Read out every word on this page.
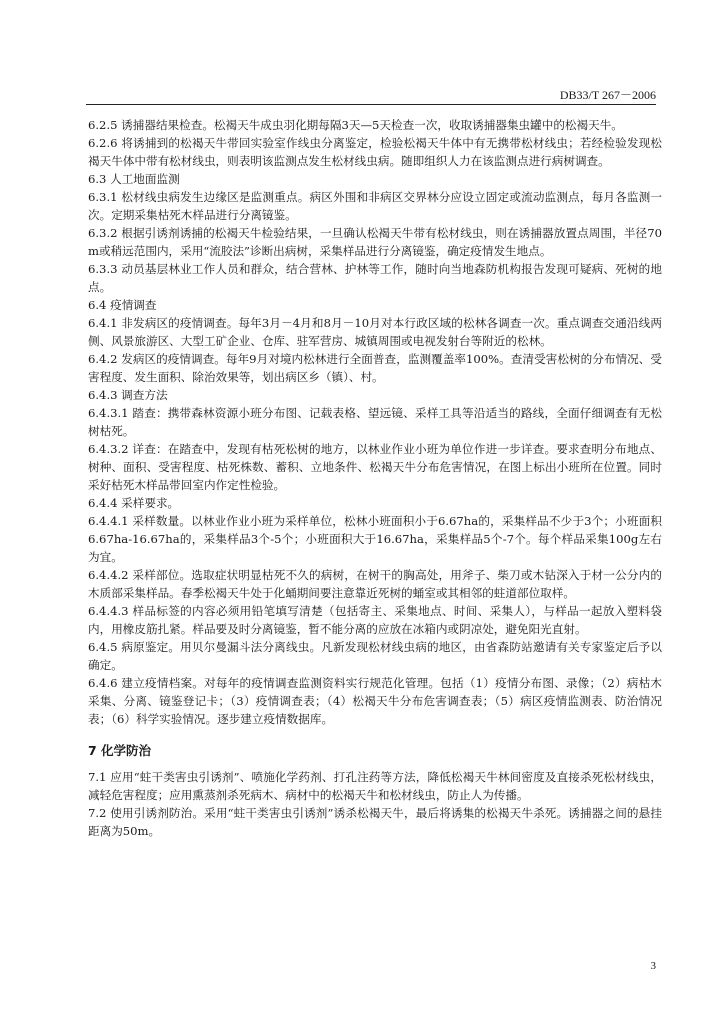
DB33/T 267－2006

6.2.5 诱捕器结果检查。松褐天牛成虫羽化期每隔3天—5天检查一次，收取诱捕器集虫罐中的松褐天牛。

6.2.6 将诱捕到的松褐天牛带回实验室作线虫分离鉴定，检验松褐天牛体中有无携带松材线虫；若经检验发现松褐天牛体中带有松材线虫，则表明该监测点发生松材线虫病。随即组织人力在该监测点进行病树调查。

6.3 人工地面监测

6.3.1 松材线虫病发生边缘区是监测重点。病区外围和非病区交界林分应设立固定或流动监测点，每月各监测一次。定期采集枯死木样品进行分离镜鉴。

6.3.2 根据引诱剂诱捕的松褐天牛检验结果，一旦确认松褐天牛带有松材线虫，则在诱捕器放置点周围，半径70m或稍远范围内，采用“流胶法”诊断出病树，采集样品进行分离镜鉴，确定疫情发生地点。

6.3.3 动员基层林业工作人员和群众，结合营林、护林等工作，随时向当地森防机构报告发现可疑病、死树的地点。

6.4 疫情调查

6.4.1 非发病区的疫情调查。每年3月－4月和8月－10月对本行政区域的松林各调查一次。重点调查交通沿线两侧、风景旅游区、大型工矿企业、仓库、驻军营房、城镇周围或电视发射台等附近的松林。

6.4.2 发病区的疫情调查。每年9月对境内松林进行全面普查，监测覆盖率100%。查清受害松树的分布情况、受害程度、发生面积、除治效果等，划出病区乡（镇）、村。

6.4.3 调查方法

6.4.3.1 踏查：携带森林资源小班分布图、记载表格、望远镜、采样工具等沿适当的路线，全面仔细调查有无松树枯死。

6.4.3.2 详查：在踏查中，发现有枯死松树的地方，以林业作业小班为单位作进一步详查。要求查明分布地点、树种、面积、受害程度、枯死株数、蓄积、立地条件、松褐天牛分布危害情况，在图上标出小班所在位置。同时采好枯死木样品带回室内作定性检验。

6.4.4 采样要求。

6.4.4.1 采样数量。以林业作业小班为采样单位，松林小班面积小于6.67ha的，采集样品不少于3个；小班面积6.67ha-16.67ha的，采集样品3个-5个；小班面积大于16.67ha，采集样品5个-7个。每个样品采集100g左右为宜。

6.4.4.2 采样部位。选取症状明显枯死不久的病树，在树干的胸高处，用斧子、柴刀或木钻深入于材一公分内的木质部采集样品。春季松褐天牛处于化蛹期间要注意靠近死树的蛹室或其相邻的蛀道部位取样。

6.4.4.3 样品标签的内容必须用铅笔填写清楚（包括寄主、采集地点、时间、采集人），与样品一起放入塑料袋内，用橡皮筋扎紧。样品要及时分离镜鉴，暂不能分离的应放在冰箱内或阴凉处，避免阳光直射。

6.4.5 病原鉴定。用贝尔曼漏斗法分离线虫。凡新发现松材线虫病的地区，由省森防站邀请有关专家鉴定后予以确定。

6.4.6 建立疫情档案。对每年的疫情调查监测资料实行规范化管理。包括（1）疫情分布图、录像；（2）病枯木采集、分离、镜鉴登记卡；（3）疫情调查表；（4）松褐天牛分布危害调查表；（5）病区疫情监测表、防治情况表；（6）科学实验情况。逐步建立疫情数据库。

7 化学防治

7.1 应用“蛀干类害虫引诱剂”、喷施化学药剂、打孔注药等方法，降低松褐天牛林间密度及直接杀死松材线虫，减轻危害程度；应用熏蒸剂杀死病木、病材中的松褐天牛和松材线虫，防止人为传播。

7.2 使用引诱剂防治。采用“蛀干类害虫引诱剂”诱杀松褐天牛，最后将诱集的松褐天牛杀死。诱捕器之间的悬挂距离为50m。

3
